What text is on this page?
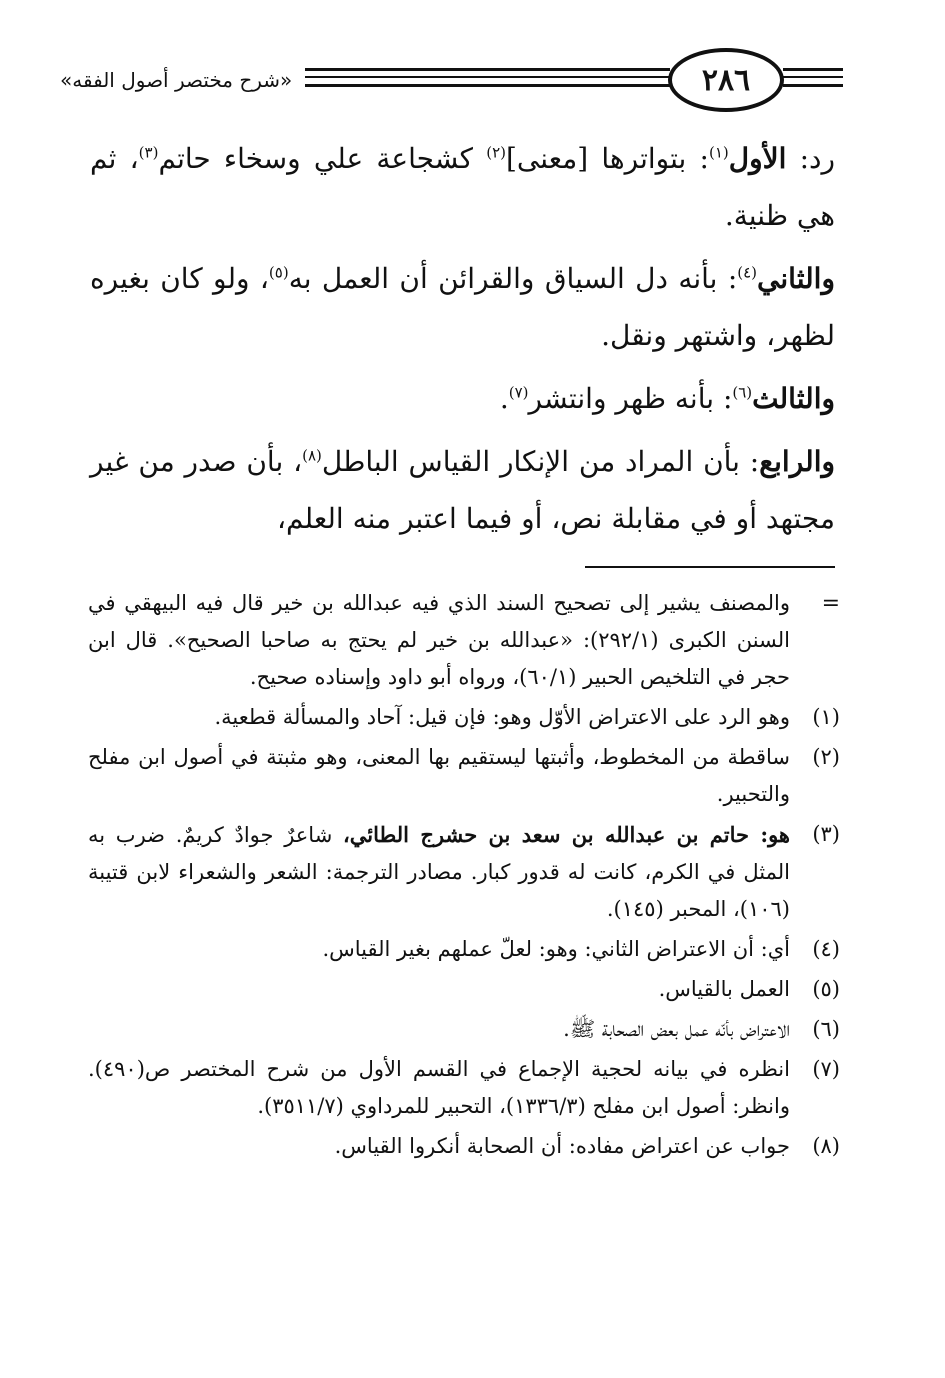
«شرح مختصر أصول الفقه»	٢٨٦

رد: الأول$^{(١)}$: بتواترها [معنى]$^{(٢)}$ كشجاعة علي وسخاء حاتم$^{(٣)}$، ثم هي ظنية.

والثاني$^{(٤)}$: بأنه دل السياق والقرائن أن العمل به$^{(٥)}$، ولو كان بغيره لظهر، واشتهر ونقل.

والثالث$^{(٦)}$: بأنه ظهر وانتشر$^{(٧)}$.

والرابع: بأن المراد من الإنكار القياس الباطل$^{(٨)}$، بأن صدر من غير مجتهد أو في مقابلة نص، أو فيما اعتبر منه العلم،

=
والمصنف يشير إلى تصحيح السند الذي فيه عبدالله بن خير قال فيه البيهقي في السنن الكبرى (٢٩٢/١): «عبدالله بن خير لم يحتج به صاحبا الصحيح». قال ابن حجر في التلخيص الحبير (٦٠/١)، ورواه أبو داود وإسناده صحيح.
(١)
وهو الرد على الاعتراض الأوّل وهو: فإن قيل: آحاد والمسألة قطعية.
(٢)
ساقطة من المخطوط، وأثبتها ليستقيم بها المعنى، وهو مثبتة في أصول ابن مفلح والتحبير.
(٣)
هو: حاتم بن عبدالله بن سعد بن حشرج الطائي، شاعرٌ جوادٌ كريمٌ. ضرب به المثل في الكرم، كانت له قدور كبار. مصادر الترجمة: الشعر والشعراء لابن قتيبة (١٠٦)، المحبر (١٤٥).
(٤)
أي: أن الاعتراض الثاني: وهو: لعلّ عملهم بغير القياس.
(٥)
العمل بالقياس.
(٦)
الاعتراض بأنّه عمل بعض الصحابة ﷺ.
(٧)
انظره في بيانه لحجية الإجماع في القسم الأول من شرح المختصر ص(٤٩٠). وانظر: أصول ابن مفلح (١٣٣٦/٣)، التحبير للمرداوي (٣٥١١/٧).
(٨)
جواب عن اعتراض مفاده: أن الصحابة أنكروا القياس.
